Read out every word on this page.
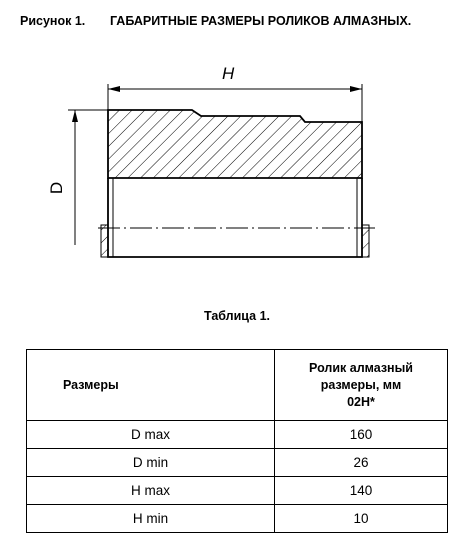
Рисунок 1. ГАБАРИТНЫЕ РАЗМЕРЫ РОЛИКОВ АЛМАЗНЫХ.
H
D
Таблица 1.
Размеры	Ролик алмазный
размеры, мм
02Н*

D max	160
D min	26
H max	140
H min	10
